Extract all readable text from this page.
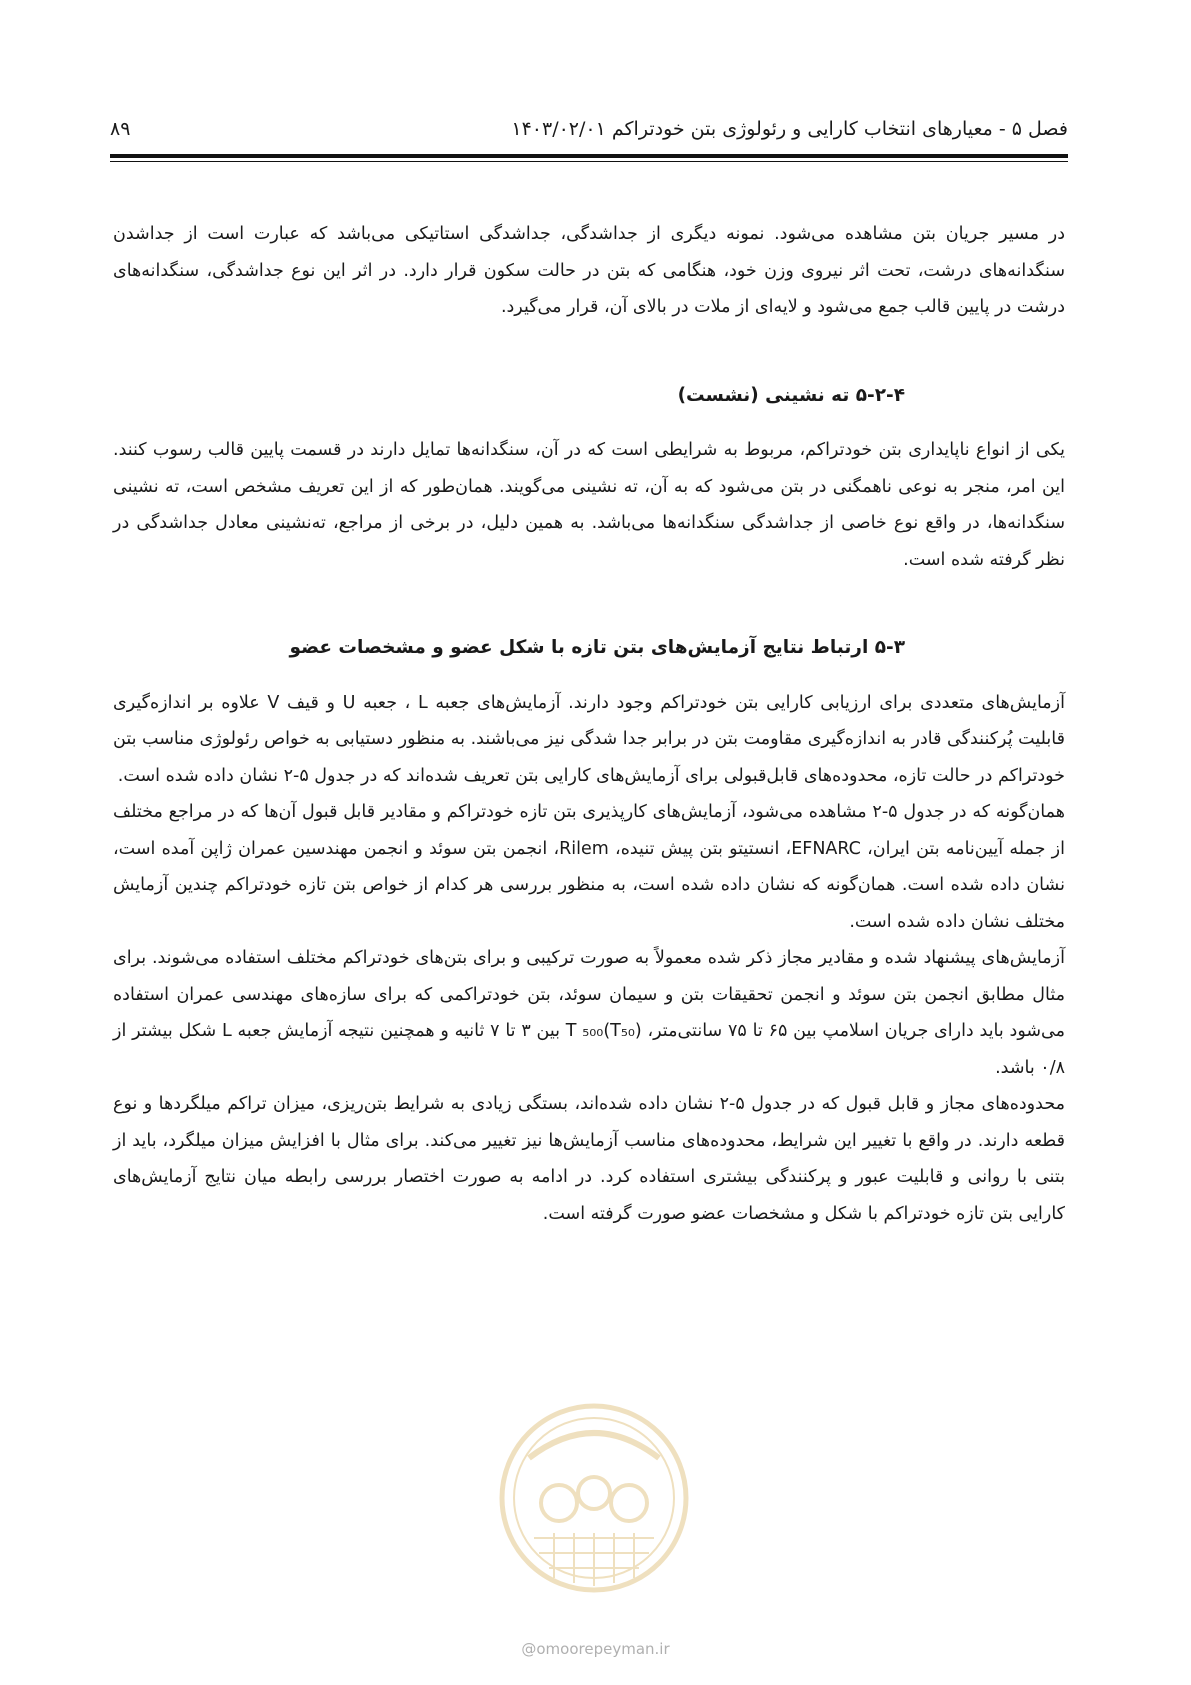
فصل ۵ - معیارهای انتخاب کارایی و رئولوژی بتن خودتراکم ۱۴۰۳/۰۲/۰۱
۸۹

در مسیر جریان بتن مشاهده می‌شود. نمونه دیگری از جداشدگی، جداشدگی استاتیکی می‌باشد که عبارت است از جداشدن سنگدانه‌های درشت، تحت اثر نیروی وزن خود، هنگامی که بتن در حالت سکون قرار دارد. در اثر این نوع جداشدگی، سنگدانه‌های درشت در پایین قالب جمع می‌شود و لایه‌ای از ملات در بالای آن، قرار می‌گیرد.

۵-۲-۴ ته نشینی (نشست)

یکی از انواع ناپایداری بتن خودتراکم، مربوط به شرایطی است که در آن، سنگدانه‌ها تمایل دارند در قسمت پایین قالب رسوب کنند. این امر، منجر به نوعی ناهمگنی در بتن می‌شود که به آن، ته نشینی می‌گویند. همان‌طور که از این تعریف مشخص است، ته نشینی سنگدانه‌ها، در واقع نوع خاصی از جداشدگی سنگدانه‌ها می‌باشد. به همین دلیل، در برخی از مراجع، ته‌نشینی معادل جداشدگی در نظر گرفته شده است.

۵-۳ ارتباط نتایج آزمایش‌های بتن تازه با شکل عضو و مشخصات عضو

آزمایش‌های متعددی برای ارزیابی کارایی بتن خودتراکم وجود دارند. آزمایش‌های جعبه L ، جعبه U و قیف V علاوه بر اندازه‌گیری قابلیت پُرکنندگی قادر به اندازه‌گیری مقاومت بتن در برابر جدا شدگی نیز می‌باشند. به منظور دستیابی به خواص رئولوژی مناسب بتن خودتراکم در حالت تازه، محدوده‌های قابل‌قبولی برای آزمایش‌های کارایی بتن تعریف شده‌اند که در جدول ۵-۲ نشان داده شده است.

همان‌گونه که در جدول ۵-۲ مشاهده می‌شود، آزمایش‌های کارپذیری بتن تازه خودتراکم و مقادیر قابل قبول آن‌ها که در مراجع مختلف از جمله آیین‌نامه بتن ایران، EFNARC، انستیتو بتن پیش تنیده، Rilem، انجمن بتن سوئد و انجمن مهندسین عمران ژاپن آمده است، نشان داده شده است. همان‌گونه که نشان داده شده است، به منظور بررسی هر کدام از خواص بتن تازه خودتراکم چندین آزمایش مختلف نشان داده شده است.

آزمایش‌های پیشنهاد شده و مقادیر مجاز ذکر شده معمولاً به صورت ترکیبی و برای بتن‌های خودتراکم مختلف استفاده می‌شوند. برای مثال مطابق انجمن بتن سوئد و انجمن تحقیقات بتن و سیمان سوئد، بتن خودتراکمی که برای سازه‌های مهندسی عمران استفاده می‌شود باید دارای جریان اسلامپ بین ۶۵ تا ۷۵ سانتی‌متر، (T₅₀)T ₅₀₀ بین ۳ تا ۷ ثانیه و همچنین نتیجه آزمایش جعبه L شکل بیشتر از ۰/۸ باشد.

محدوده‌های مجاز و قابل قبول که در جدول ۵-۲ نشان داده شده‌اند، بستگی زیادی به شرایط بتن‌ریزی، میزان تراکم میلگردها و نوع قطعه دارند. در واقع با تغییر این شرایط، محدوده‌های مناسب آزمایش‌ها نیز تغییر می‌کند. برای مثال با افزایش میزان میلگرد، باید از بتنی با روانی و قابلیت عبور و پرکنندگی بیشتری استفاده کرد. در ادامه به صورت اختصار بررسی رابطه میان نتایج آزمایش‌های کارایی بتن تازه خودتراکم با شکل و مشخصات عضو صورت گرفته است.

@omoorepeyman.ir
